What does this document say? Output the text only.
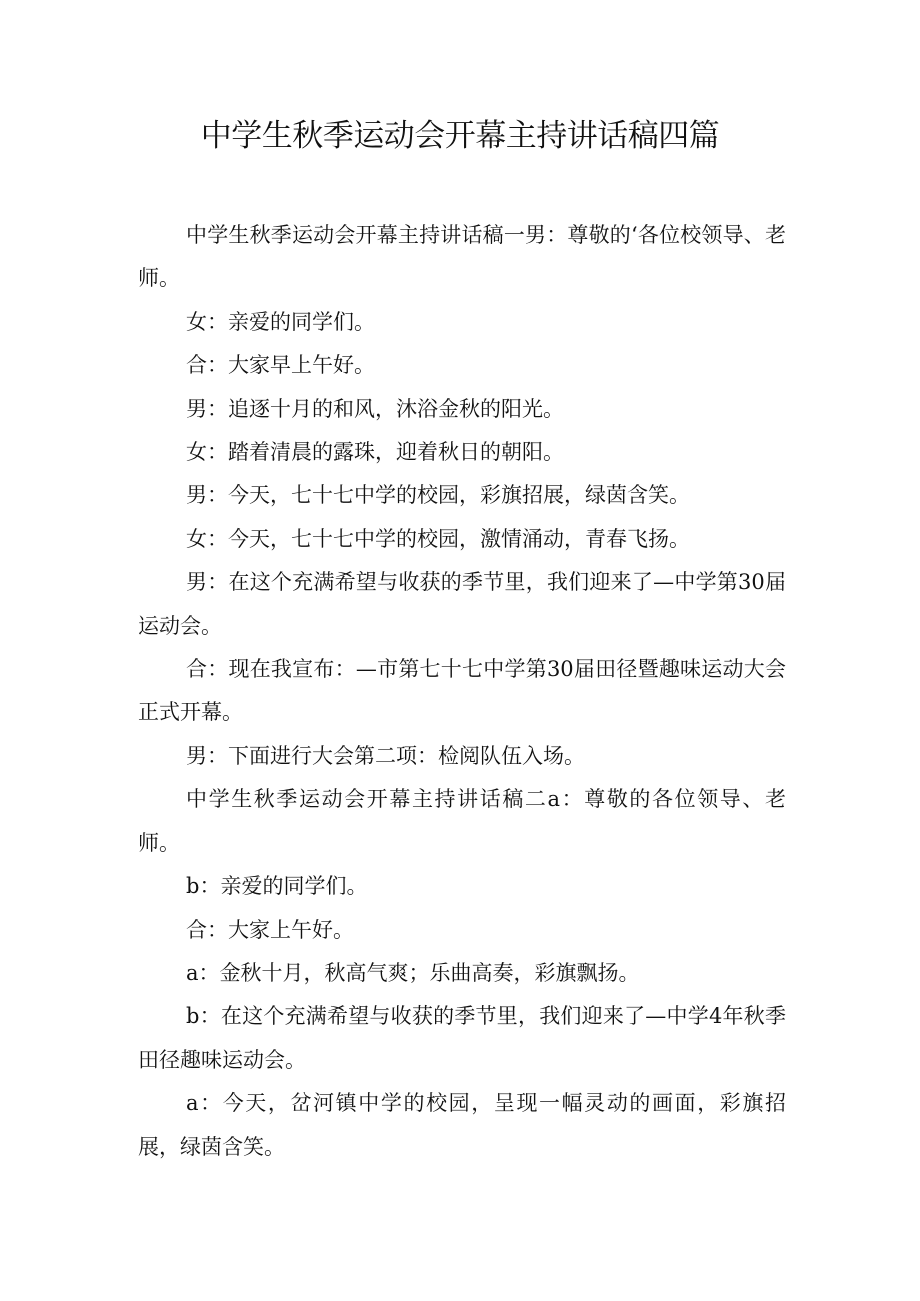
中学生秋季运动会开幕主持讲话稿四篇

中学生秋季运动会开幕主持讲话稿一男：尊敬的‘各位校领导、老师。

女：亲爱的同学们。

合：大家早上午好。

男：追逐十月的和风，沐浴金秋的阳光。

女：踏着清晨的露珠，迎着秋日的朝阳。

男：今天，七十七中学的校园，彩旗招展，绿茵含笑。

女：今天，七十七中学的校园，激情涌动，青春飞扬。

男：在这个充满希望与收获的季节里，我们迎来了—中学第30届运动会。

合：现在我宣布：—市第七十七中学第30届田径暨趣味运动大会正式开幕。

男：下面进行大会第二项：检阅队伍入场。

中学生秋季运动会开幕主持讲话稿二a：尊敬的各位领导、老师。

b：亲爱的同学们。

合：大家上午好。

a：金秋十月，秋高气爽；乐曲高奏，彩旗飘扬。

b：在这个充满希望与收获的季节里，我们迎来了—中学4年秋季田径趣味运动会。

a：今天，岔河镇中学的校园，呈现一幅灵动的画面，彩旗招展，绿茵含笑。
